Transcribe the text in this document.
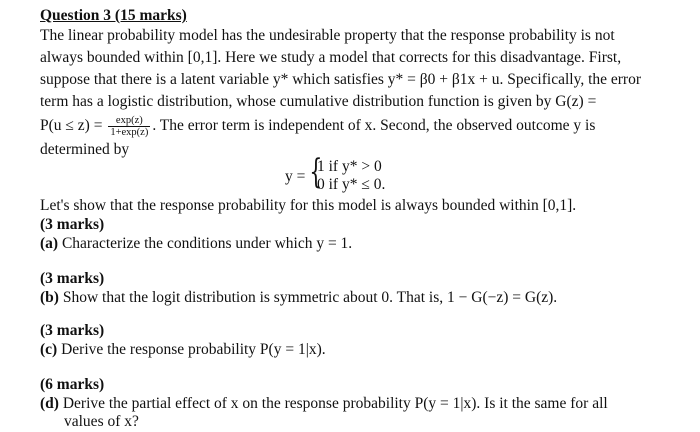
Question 3 (15 marks)
The linear probability model has the undesirable property that the response probability is not
always bounded within [0,1]. Here we study a model that corrects for this disadvantage. First,
suppose that there is a latent variable y* which satisfies y* = β0 + β1x + u. Specifically, the error
term has a logistic distribution, whose cumulative distribution function is given by G(z) =
$P(u \le z) = \frac{\exp(z)}{1+\exp(z)}$ . The error term is independent of x. Second, the observed outcome y is
determined by
y = {
1 if y* > 0
0 if y* ≤ 0.
Let's show that the response probability for this model is always bounded within [0,1].
(3 marks)
(a) Characterize the conditions under which y = 1.
(3 marks)
(b) Show that the logit distribution is symmetric about 0. That is, 1 − G(−z) = G(z).
(3 marks)
(c) Derive the response probability P(y = 1|x).
(6 marks)
(d) Derive the partial effect of x on the response probability P(y = 1|x). Is it the same for all
values of x?
